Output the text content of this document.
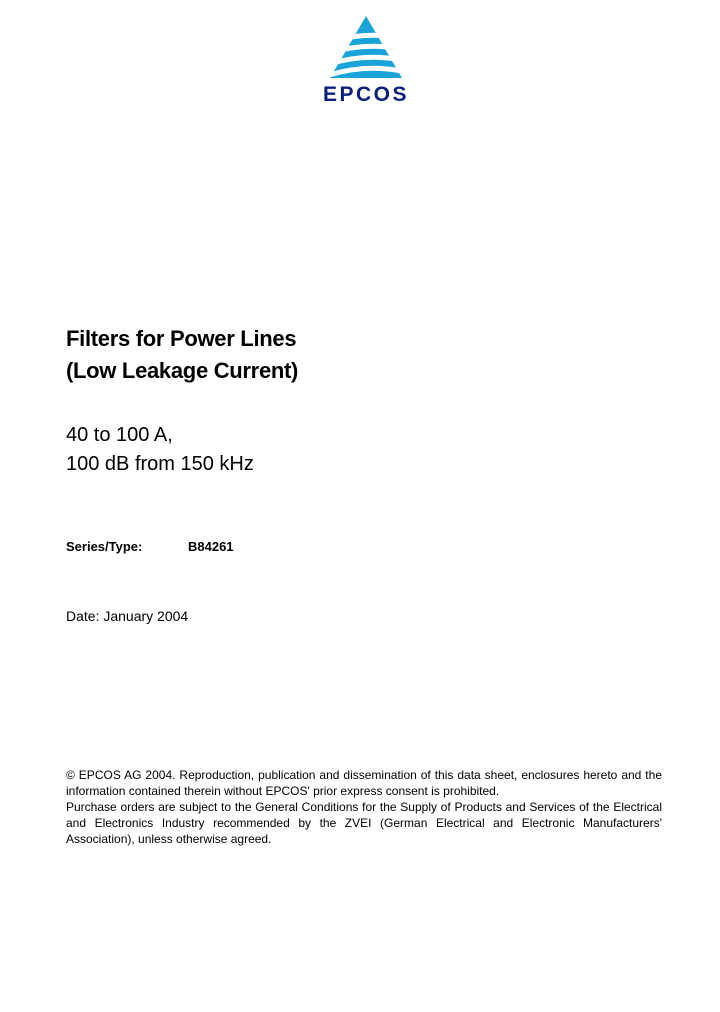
EPCOS
Filters for Power Lines
(Low Leakage Current)
40 to 100 A,
100 dB from 150 kHz
Series/Type:	B84261
Date: January 2004

© EPCOS AG 2004. Reproduction, publication and dissemination of this data sheet, enclosures hereto and the information contained therein without EPCOS' prior express consent is prohibited.

Purchase orders are subject to the General Conditions for the Supply of Products and Services of the Electrical and Electronics Industry recommended by the ZVEI (German Electrical and Electronic Manufacturers' Association), unless otherwise agreed.
